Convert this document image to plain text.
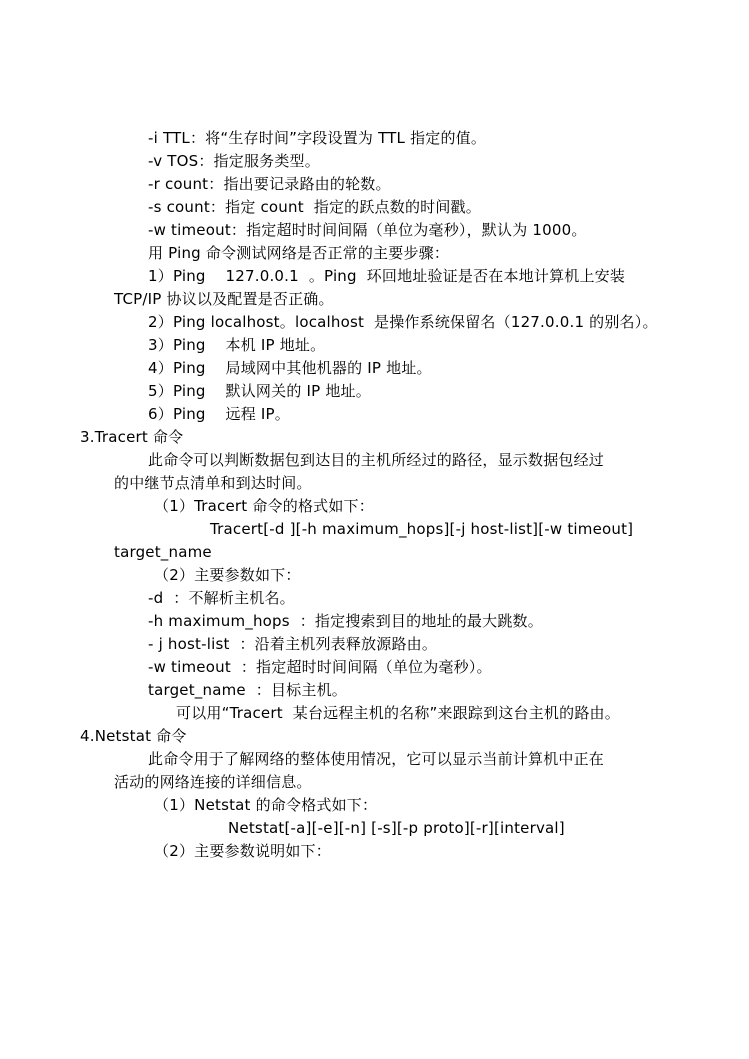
-i TTL：将“生存时间”字段设置为 TTL 指定的值。
-v TOS：指定服务类型。
-r count：指出要记录路由的轮数。
-s count：指定 count  指定的跃点数的时间戳。
-w timeout：指定超时时间间隔（单位为毫秒），默认为 1000。
用 Ping 命令测试网络是否正常的主要步骤：
1）Ping    127.0.0.1  。Ping  环回地址验证是否在本地计算机上安装
TCP/IP 协议以及配置是否正确。
2）Ping localhost。localhost  是操作系统保留名（127.0.0.1 的别名）。
3）Ping    本机 IP 地址。
4）Ping    局域网中其他机器的 IP 地址。
5）Ping    默认网关的 IP 地址。
6）Ping    远程 IP。
3.Tracert 命令
此命令可以判断数据包到达目的主机所经过的路径，显示数据包经过
的中继节点清单和到达时间。
（1）Tracert 命令的格式如下：
Tracert[-d ][-h maximum_hops][-j host-list][-w timeout]
target_name
（2）主要参数如下：
-d  ：不解析主机名。
-h maximum_hops  ：指定搜索到目的地址的最大跳数。
- j host-list  ：沿着主机列表释放源路由。
-w timeout  ：指定超时时间间隔（单位为毫秒）。
target_name  ：目标主机。
可以用“Tracert  某台远程主机的名称”来跟踪到这台主机的路由。
4.Netstat 命令
此命令用于了解网络的整体使用情况，它可以显示当前计算机中正在
活动的网络连接的详细信息。
（1）Netstat 的命令格式如下：
Netstat[-a][-e][-n] [-s][-p proto][-r][interval]
（2）主要参数说明如下：
